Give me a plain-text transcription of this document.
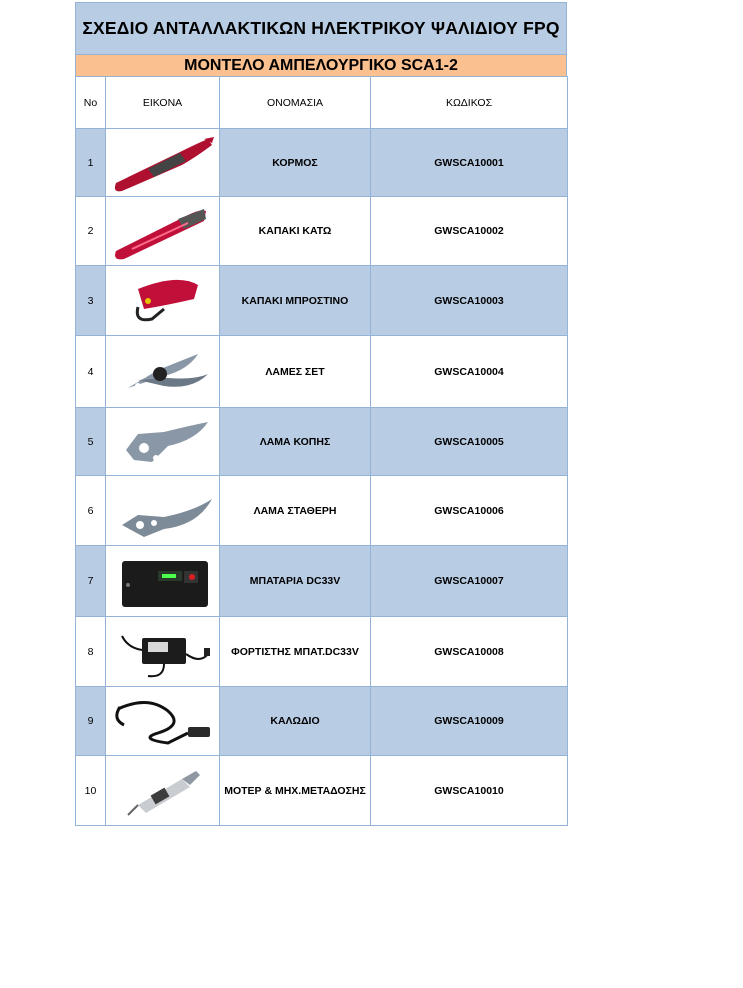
ΣΧΕΔΙΟ ΑΝΤΑΛΛΑΚΤΙΚΩΝ ΗΛΕΚΤΡΙΚΟΥ ΨΑΛΙΔΙΟΥ FPQ
ΜΟΝΤΕΛΟ ΑΜΠΕΛΟΥΡΓΙΚΟ SCA1-2
No	ΕΙΚΟΝΑ	ΟΝΟΜΑΣΙΑ	ΚΩΔΙΚΟΣ
1		ΚΟΡΜΟΣ	GWSCA10001
2		ΚΑΠΑΚΙ ΚΑΤΩ	GWSCA10002
3		ΚΑΠΑΚΙ ΜΠΡΟΣΤΙΝΟ	GWSCA10003
4		ΛΑΜΕΣ ΣΕΤ	GWSCA10004
5		ΛΑΜΑ ΚΟΠΗΣ	GWSCA10005
6		ΛΑΜΑ ΣΤΑΘΕΡΗ	GWSCA10006
7		ΜΠΑΤΑΡΙΑ DC33V	GWSCA10007
8		ΦΟΡΤΙΣΤΗΣ ΜΠΑΤ.DC33V	GWSCA10008
9		ΚΑΛΩΔΙΟ	GWSCA10009
10		ΜΟΤΕΡ & ΜΗΧ.ΜΕΤΑΔΟΣΗΣ	GWSCA10010
